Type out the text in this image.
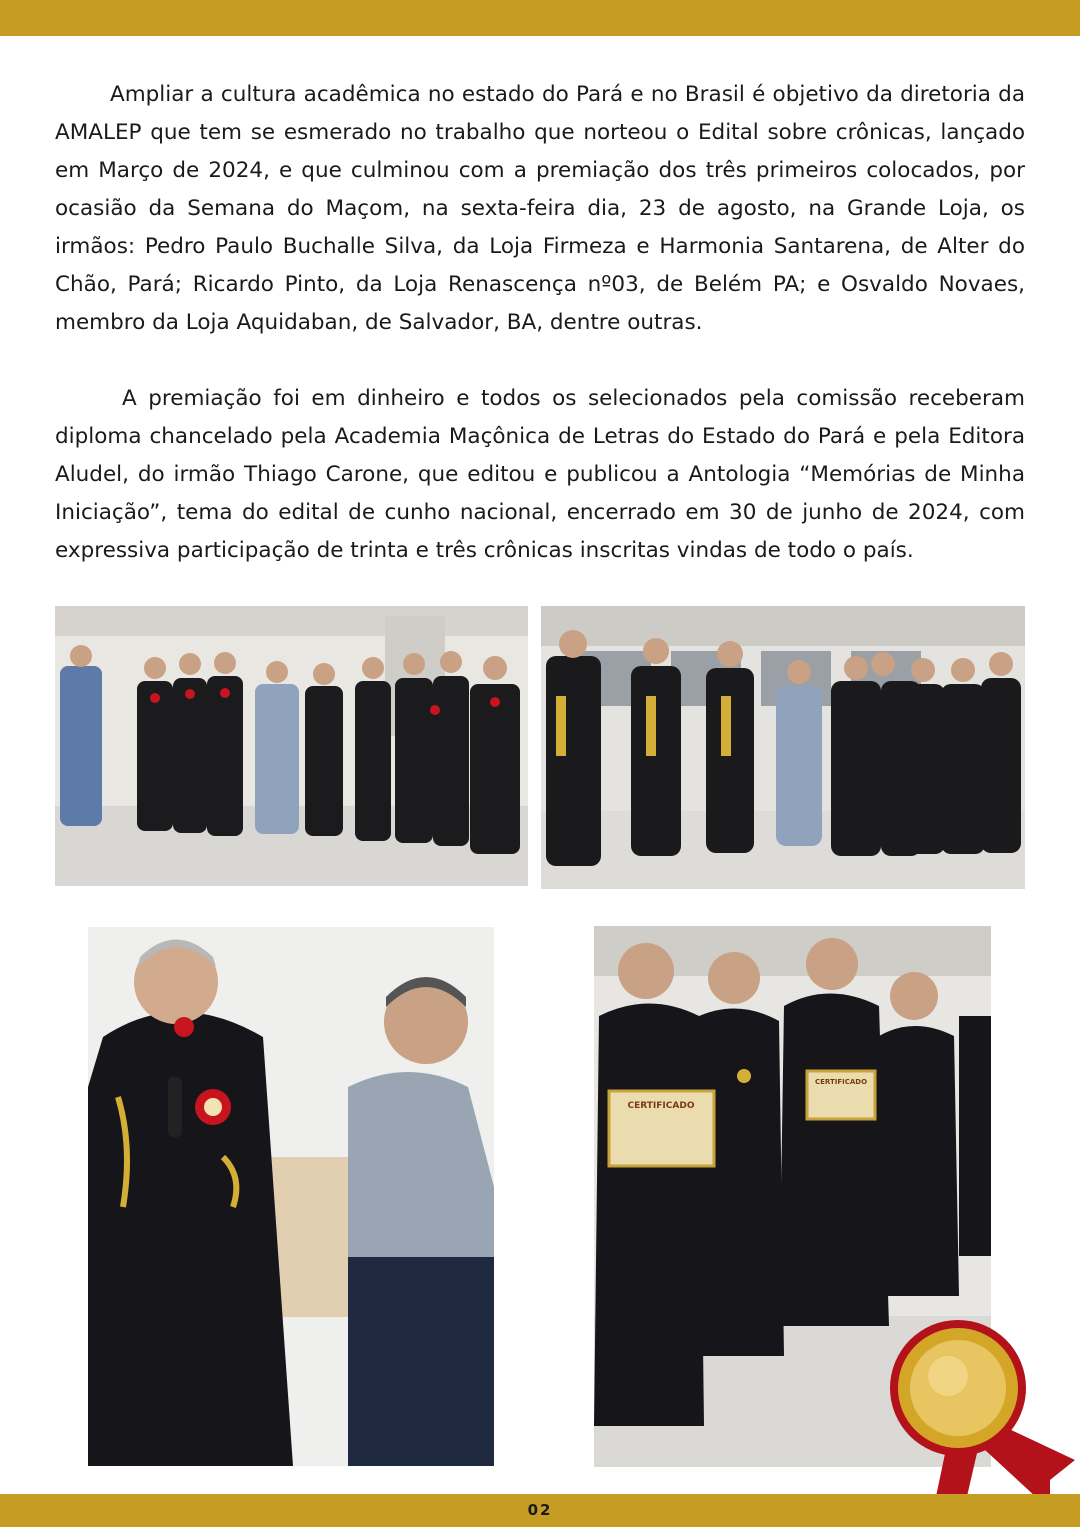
Ampliar a cultura acadêmica no estado do Pará e no Brasil é objetivo da diretoria da AMALEP que tem se esmerado no trabalho que norteou o Edital sobre crônicas, lançado em Março de 2024, e que culminou com a premiação dos três primeiros colocados, por ocasião da Semana do Maçom, na sexta-feira dia, 23 de agosto, na Grande Loja, os irmãos: Pedro Paulo Buchalle Silva, da Loja Firmeza e Harmonia Santarena, de Alter do Chão, Pará; Ricardo Pinto, da Loja Renascença nº03, de Belém PA; e Osvaldo Novaes, membro da Loja Aquidaban, de Salvador, BA, dentre outras.

A premiação foi em dinheiro e todos os selecionados pela comissão receberam diploma chancelado pela Academia Maçônica de Letras do Estado do Pará e pela Editora Aludel, do irmão Thiago Carone, que editou e publicou a Antologia “Memórias de Minha Iniciação”, tema do edital de cunho nacional, encerrado em 30 de junho de 2024, com expressiva participação de trinta e três crônicas inscritas vindas de todo o país.

CERTIFICADO
CERTIFICADO
02
